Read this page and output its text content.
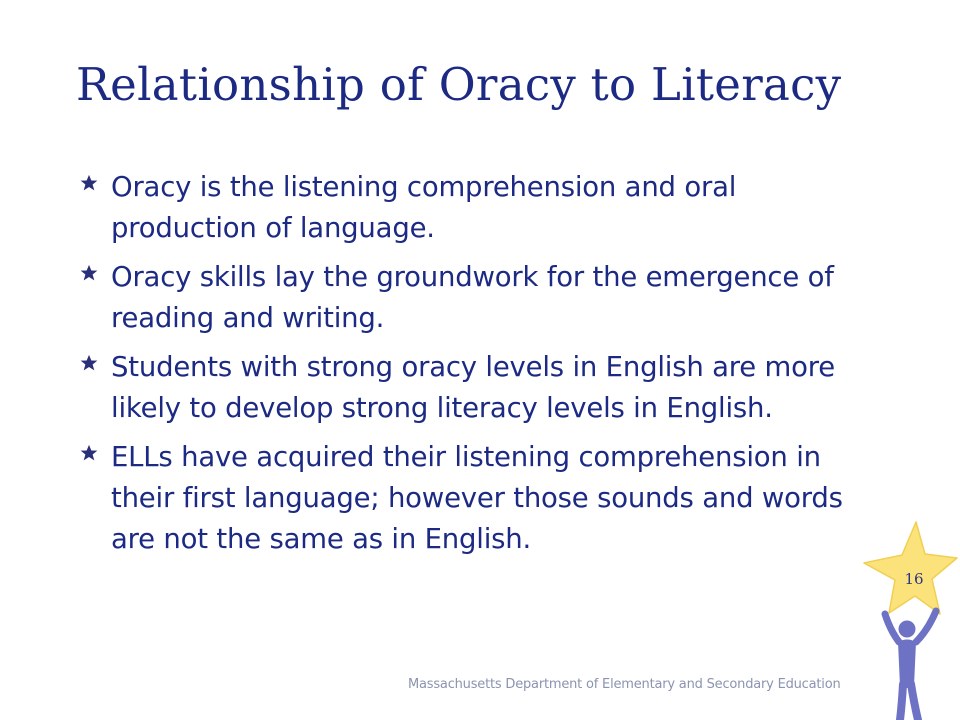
Relationship of Oracy to Literacy
Oracy is the listening comprehension and oral production of language.
Oracy skills lay the groundwork for the emergence of reading and writing.
Students with strong oracy levels in English are more likely to develop strong literacy levels in English.
ELLs have acquired their listening comprehension in their first language; however those sounds and words are not the same as in English.
Massachusetts Department of Elementary and Secondary Education
16
